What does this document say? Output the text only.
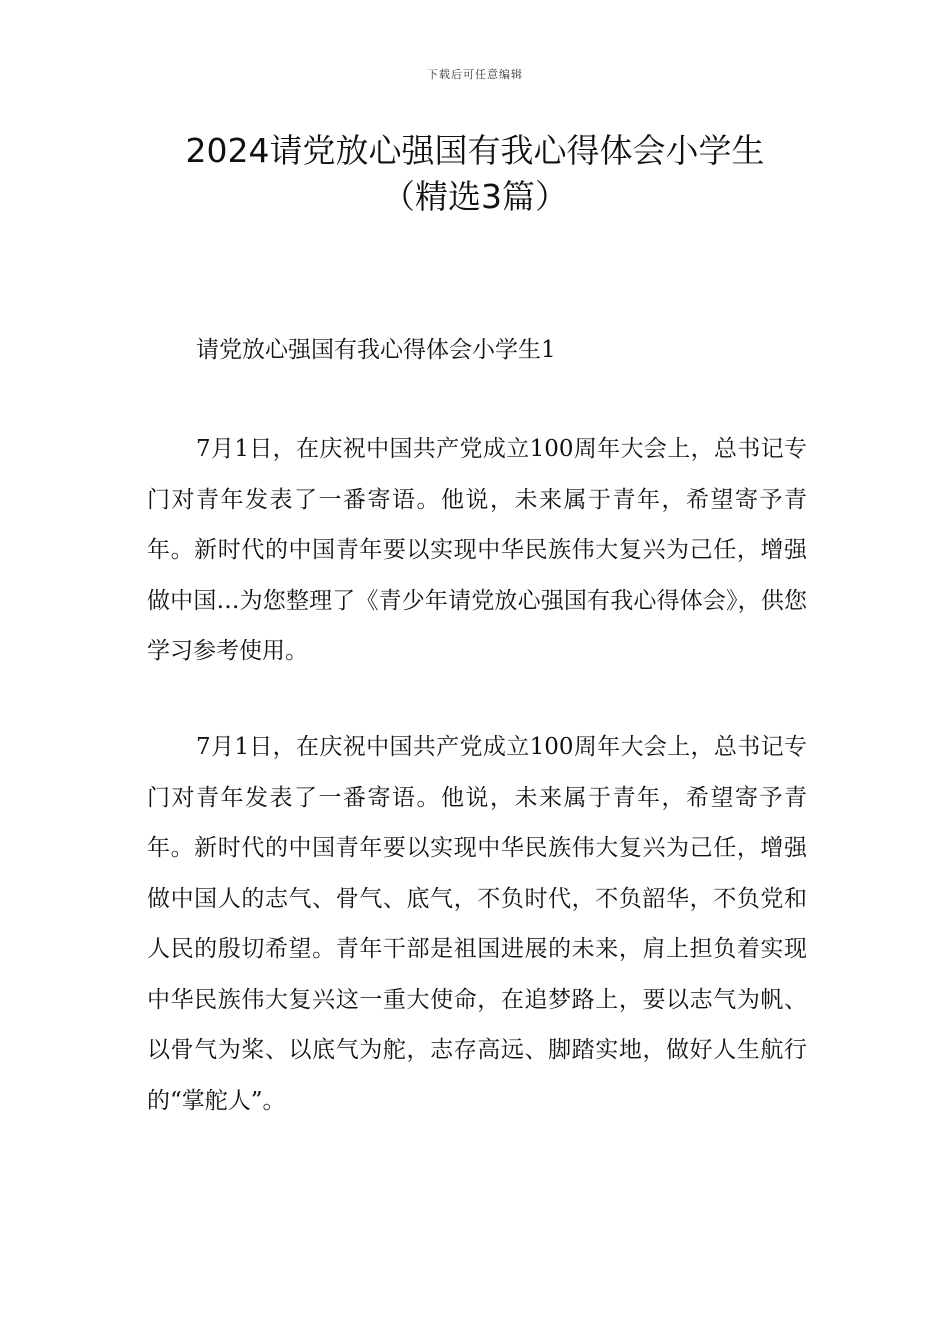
下载后可任意编辑
2024请党放心强国有我心得体会小学生
（精选3篇）
请党放心强国有我心得体会小学生1

7月1日，在庆祝中国共产党成立100周年大会上，总书记专门对青年发表了一番寄语。他说，未来属于青年，希望寄予青年。新时代的中国青年要以实现中华民族伟大复兴为己任，增强做中国…为您整理了《青少年请党放心强国有我心得体会》，供您学习参考使用。

7月1日，在庆祝中国共产党成立100周年大会上，总书记专门对青年发表了一番寄语。他说，未来属于青年，希望寄予青年。新时代的中国青年要以实现中华民族伟大复兴为己任，增强做中国人的志气、骨气、底气，不负时代，不负韶华，不负党和人民的殷切希望。青年干部是祖国进展的未来，肩上担负着实现中华民族伟大复兴这一重大使命，在追梦路上，要以志气为帆、以骨气为桨、以底气为舵，志存高远、脚踏实地，做好人生航行的“掌舵人”。
